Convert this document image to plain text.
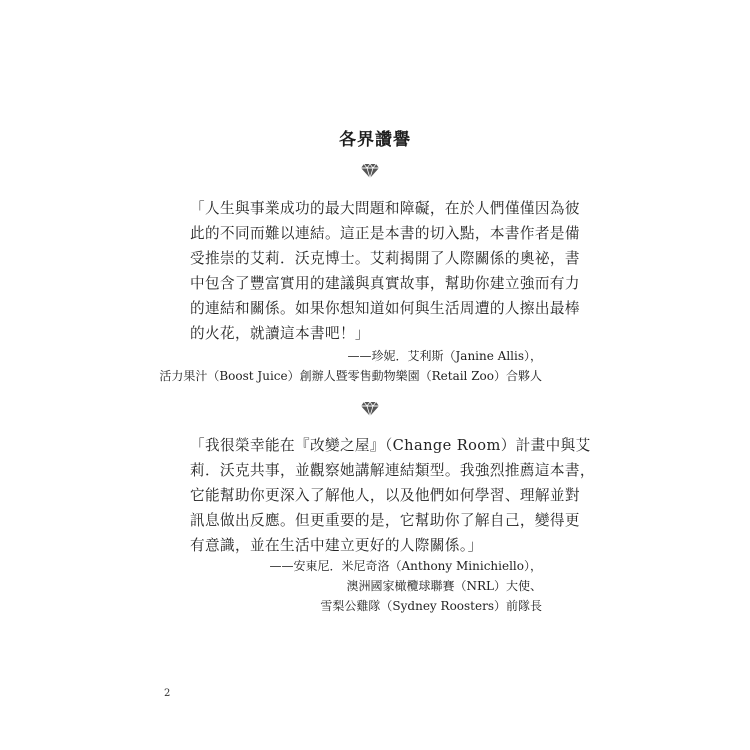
各界讚譽
「人生與事業成功的最大問題和障礙，在於人們僅僅因為彼
此的不同而難以連結。這正是本書的切入點，本書作者是備
受推崇的艾莉．沃克博士。艾莉揭開了人際關係的奧祕，書
中包含了豐富實用的建議與真實故事，幫助你建立強而有力
的連結和關係。如果你想知道如何與生活周遭的人擦出最棒
的火花，就讀這本書吧！」
——珍妮．艾利斯（Janine Allis），
活力果汁（Boost Juice）創辦人暨零售動物樂園（Retail Zoo）合夥人
「我很榮幸能在『改變之屋』（Change Room）計畫中與艾
莉．沃克共事，並觀察她講解連結類型。我強烈推薦這本書，
它能幫助你更深入了解他人，以及他們如何學習、理解並對
訊息做出反應。但更重要的是，它幫助你了解自己，變得更
有意識，並在生活中建立更好的人際關係。」
——安東尼．米尼奇洛（Anthony Minichiello），
澳洲國家橄欖球聯賽（NRL）大使、
雪梨公雞隊（Sydney Roosters）前隊長
2
